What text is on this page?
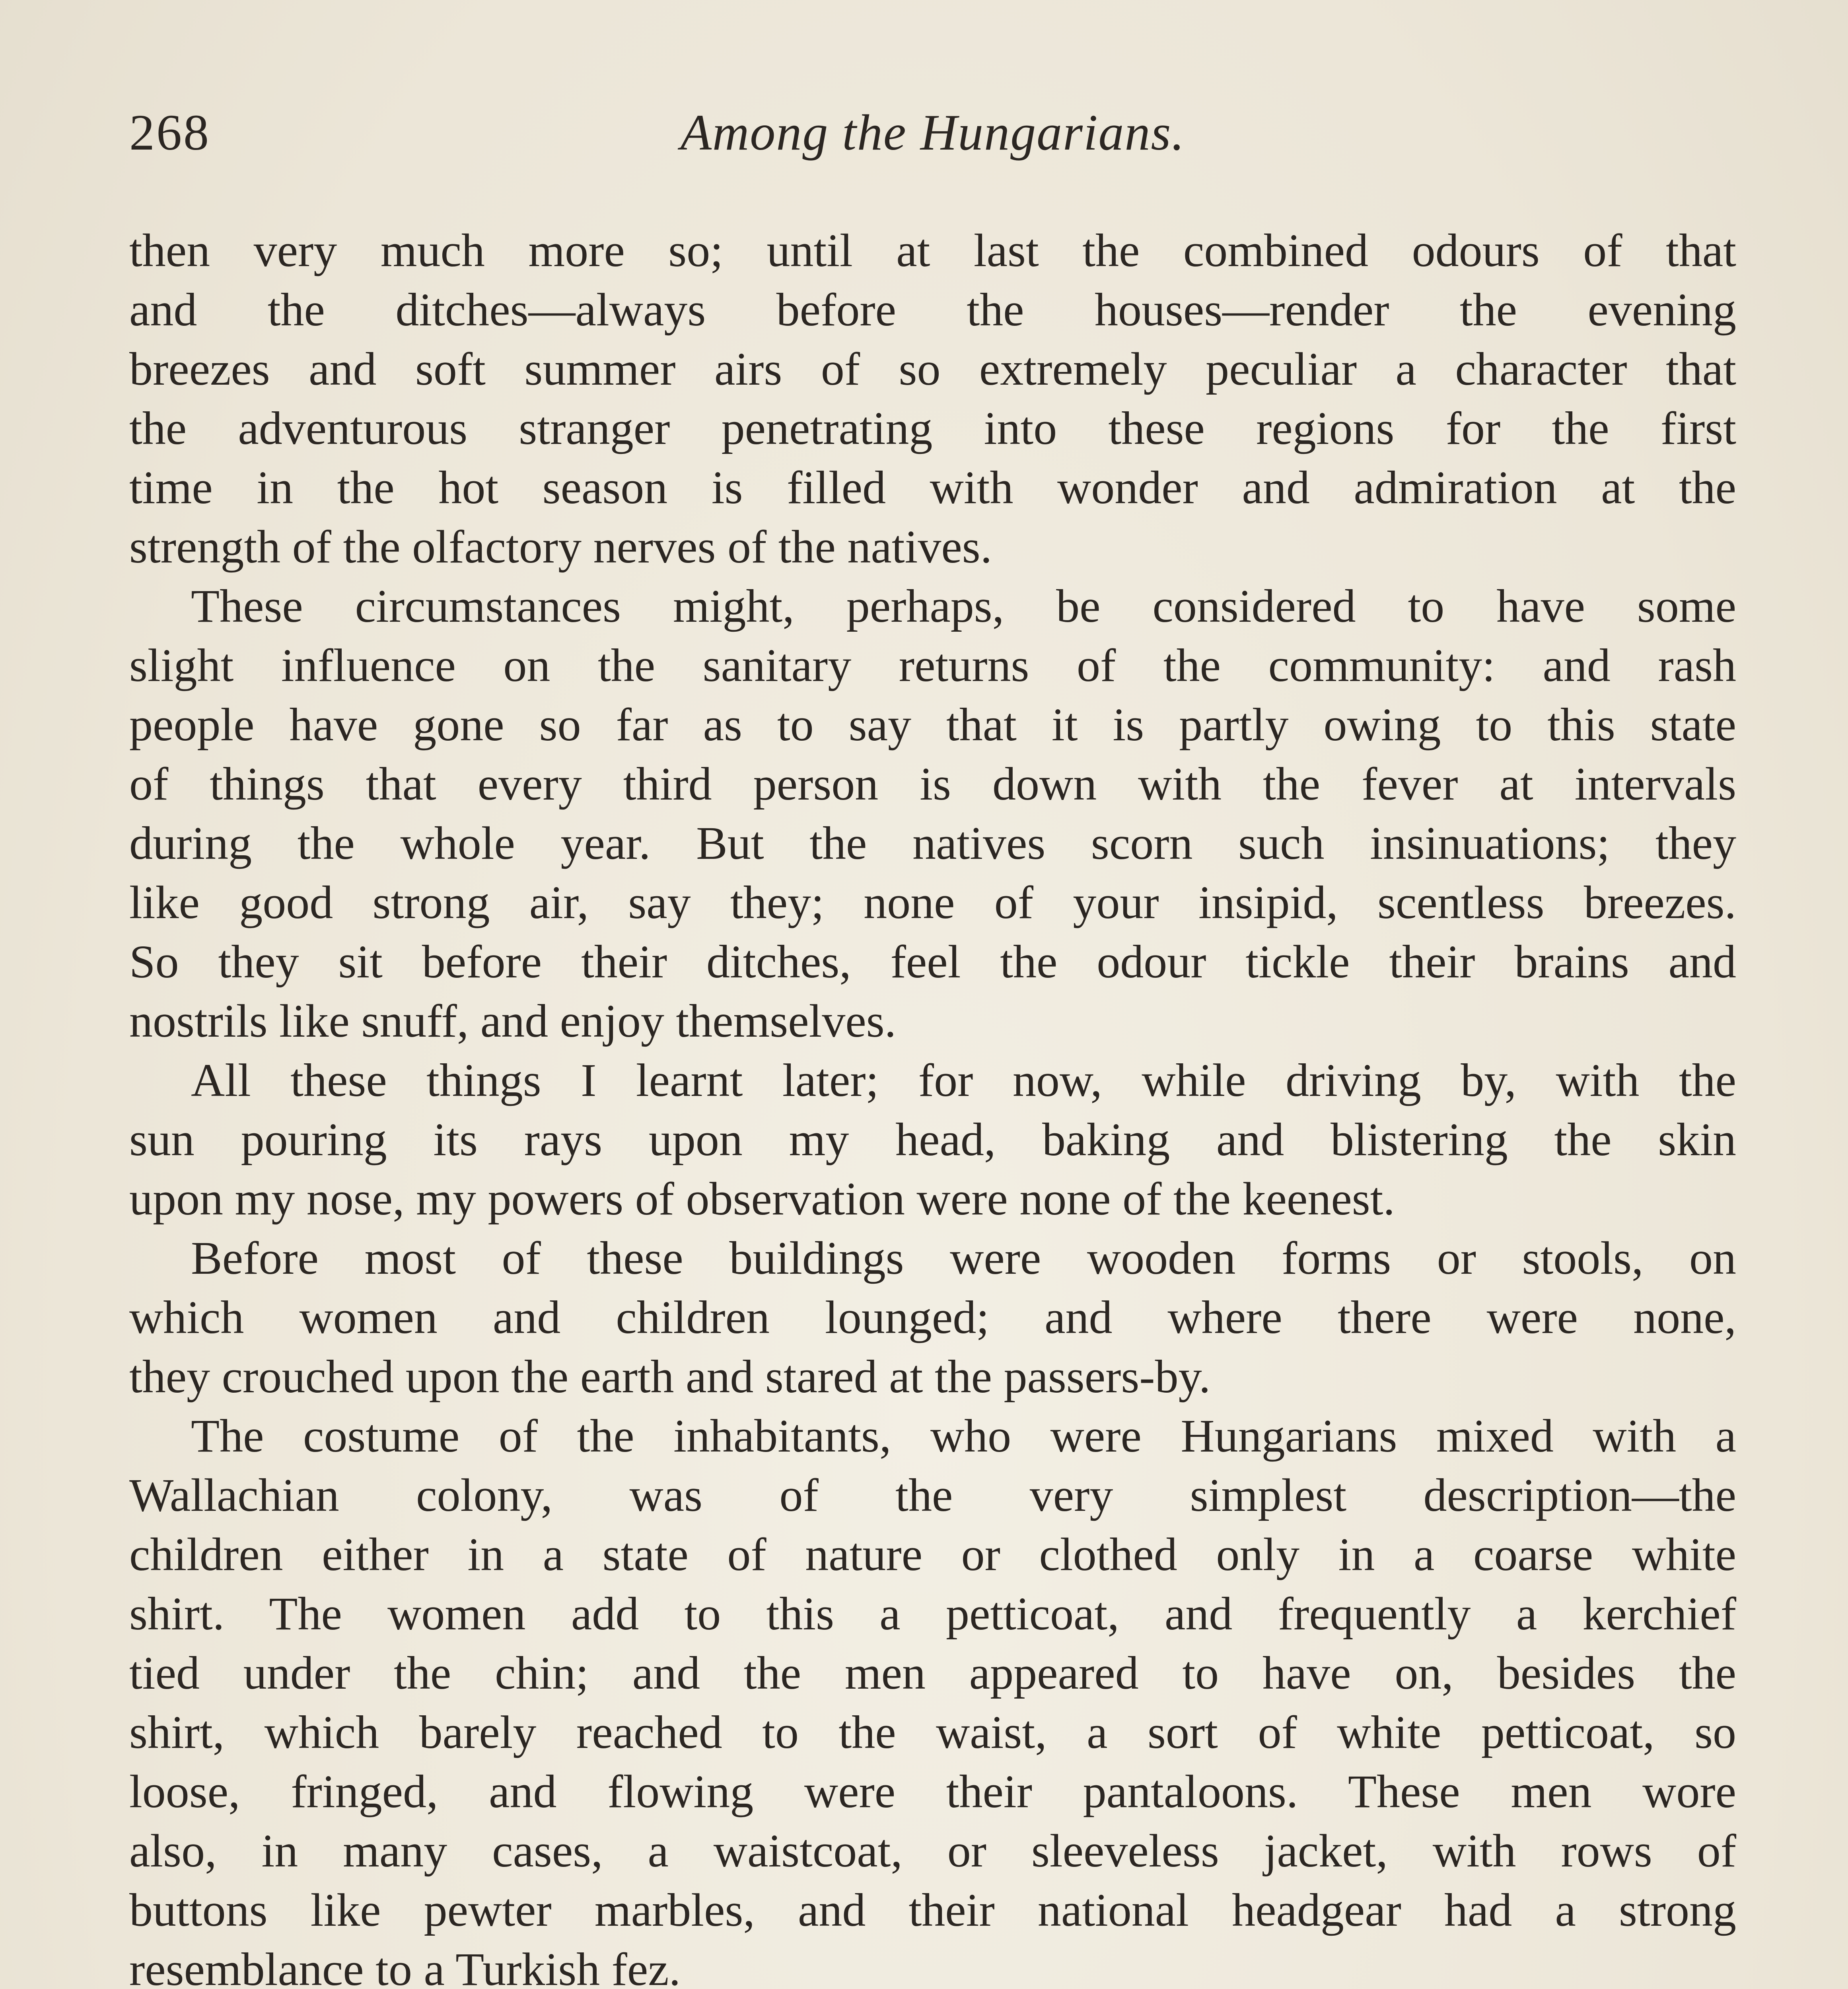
268	Among the Hungarians.
then very much more so; until at last the combined odours of that
and the ditches—always before the houses—render the evening
breezes and soft summer airs of so extremely peculiar a character that
the adventurous stranger penetrating into these regions for the first
time in the hot season is filled with wonder and admiration at the
strength of the olfactory nerves of the natives.
These circumstances might, perhaps, be considered to have some
slight influence on the sanitary returns of the community: and rash
people have gone so far as to say that it is partly owing to this state
of things that every third person is down with the fever at intervals
during the whole year. But the natives scorn such insinuations; they
like good strong air, say they; none of your insipid, scentless breezes.
So they sit before their ditches, feel the odour tickle their brains and
nostrils like snuff, and enjoy themselves.
All these things I learnt later; for now, while driving by, with the
sun pouring its rays upon my head, baking and blistering the skin
upon my nose, my powers of observation were none of the keenest.
Before most of these buildings were wooden forms or stools, on
which women and children lounged; and where there were none,
they crouched upon the earth and stared at the passers-by.
The costume of the inhabitants, who were Hungarians mixed with a
Wallachian colony, was of the very simplest description—the
children either in a state of nature or clothed only in a coarse white
shirt. The women add to this a petticoat, and frequently a kerchief
tied under the chin; and the men appeared to have on, besides the
shirt, which barely reached to the waist, a sort of white petticoat, so
loose, fringed, and flowing were their pantaloons. These men wore
also, in many cases, a waistcoat, or sleeveless jacket, with rows of
buttons like pewter marbles, and their national headgear had a strong
resemblance to a Turkish fez.
